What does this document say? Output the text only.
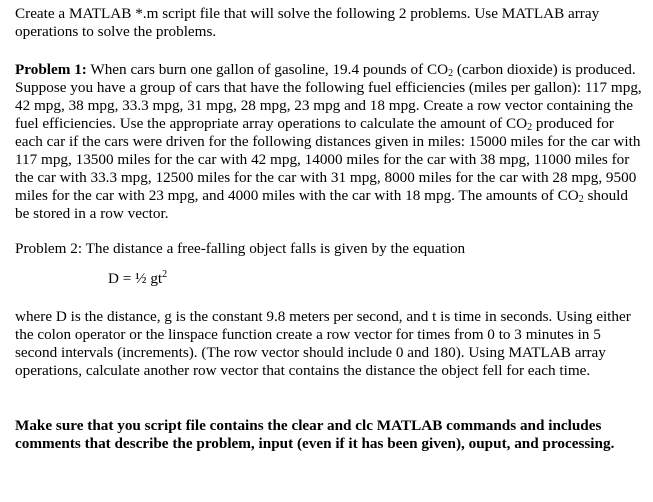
Create a MATLAB *.m script file that will solve the following 2 problems. Use MATLAB array operations to solve the problems.

Problem 1: When cars burn one gallon of gasoline, 19.4 pounds of $CO_2$ (carbon dioxide) is produced. Suppose you have a group of cars that have the following fuel efficiencies (miles per gallon): 117 mpg, 42 mpg, 38 mpg, 33.3 mpg, 31 mpg, 28 mpg, 23 mpg and 18 mpg. Create a row vector containing the fuel efficiencies. Use the appropriate array operations to calculate the amount of $CO_2$ produced for each car if the cars were driven for the following distances given in miles: 15000 miles for the car with 117 mpg, 13500 miles for the car with 42 mpg, 14000 miles for the car with 38 mpg, 11000 miles for the car with 33.3 mpg, 12500 miles for the car with 31 mpg, 8000 miles for the car with 28 mpg, 9500 miles for the car with 23 mpg, and 4000 miles with the car with 18 mpg. The amounts of $CO_2$ should be stored in a row vector.

Problem 2: The distance a free-falling object falls is given by the equation

D = ½ $gt^2$

where D is the distance, g is the constant 9.8 meters per second, and t is time in seconds. Using either the colon operator or the linspace function create a row vector for times from 0 to 3 minutes in 5 second intervals (increments). (The row vector should include 0 and 180). Using MATLAB array operations, calculate another row vector that contains the distance the object fell for each time.

Make sure that you script file contains the clear and clc MATLAB commands and includes comments that describe the problem, input (even if it has been given), ouput, and processing.
